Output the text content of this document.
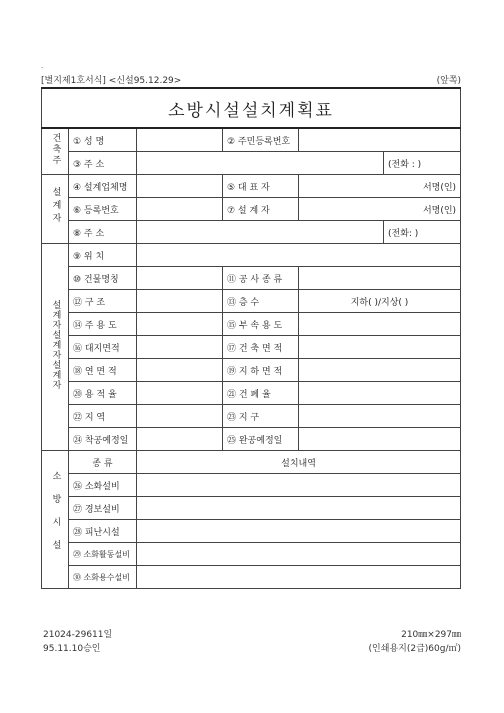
.
[별지제1호서식] <신설95.12.29>	(앞쪽)
소방시설설치계획표					
건축주	① 성 명		② 주민등록번호		
	③ 주 소				(전화 : )
설계자	④ 설계업체명		⑤ 대 표 자	서명(인)	
	⑥ 등록번호		⑦ 설 계 자	서명(인)	
	⑧ 주 소				(전화: )
설계자설계자설계자	⑨ 위 치				
	⑩ 건물명칭		⑪ 공 사 종 류		
	⑫ 구 조		⑬ 층 수	지하( )/지상( )	
	⑭ 주 용 도		⑮ 부 속 용 도		
	⑯ 대지면적		⑰ 건 축 면 적		
	⑱ 연 면 적		⑲ 지 하 면 적		
	⑳ 용 적 율		㉑ 건 폐 율		
	㉒ 지 역		㉓ 지 구		
	㉔ 착공예정일		㉕ 완공예정일		
소방시설	종 류	설치내역			
	㉖ 소화설비				
	㉗ 경보설비				
	㉘ 피난시설				
	㉙ 소화활동설비				
	㉚ 소화용수설비				
21024-29611일
95.11.10승인
210㎜×297㎜
(인쇄용지(2급)60g/㎡)
